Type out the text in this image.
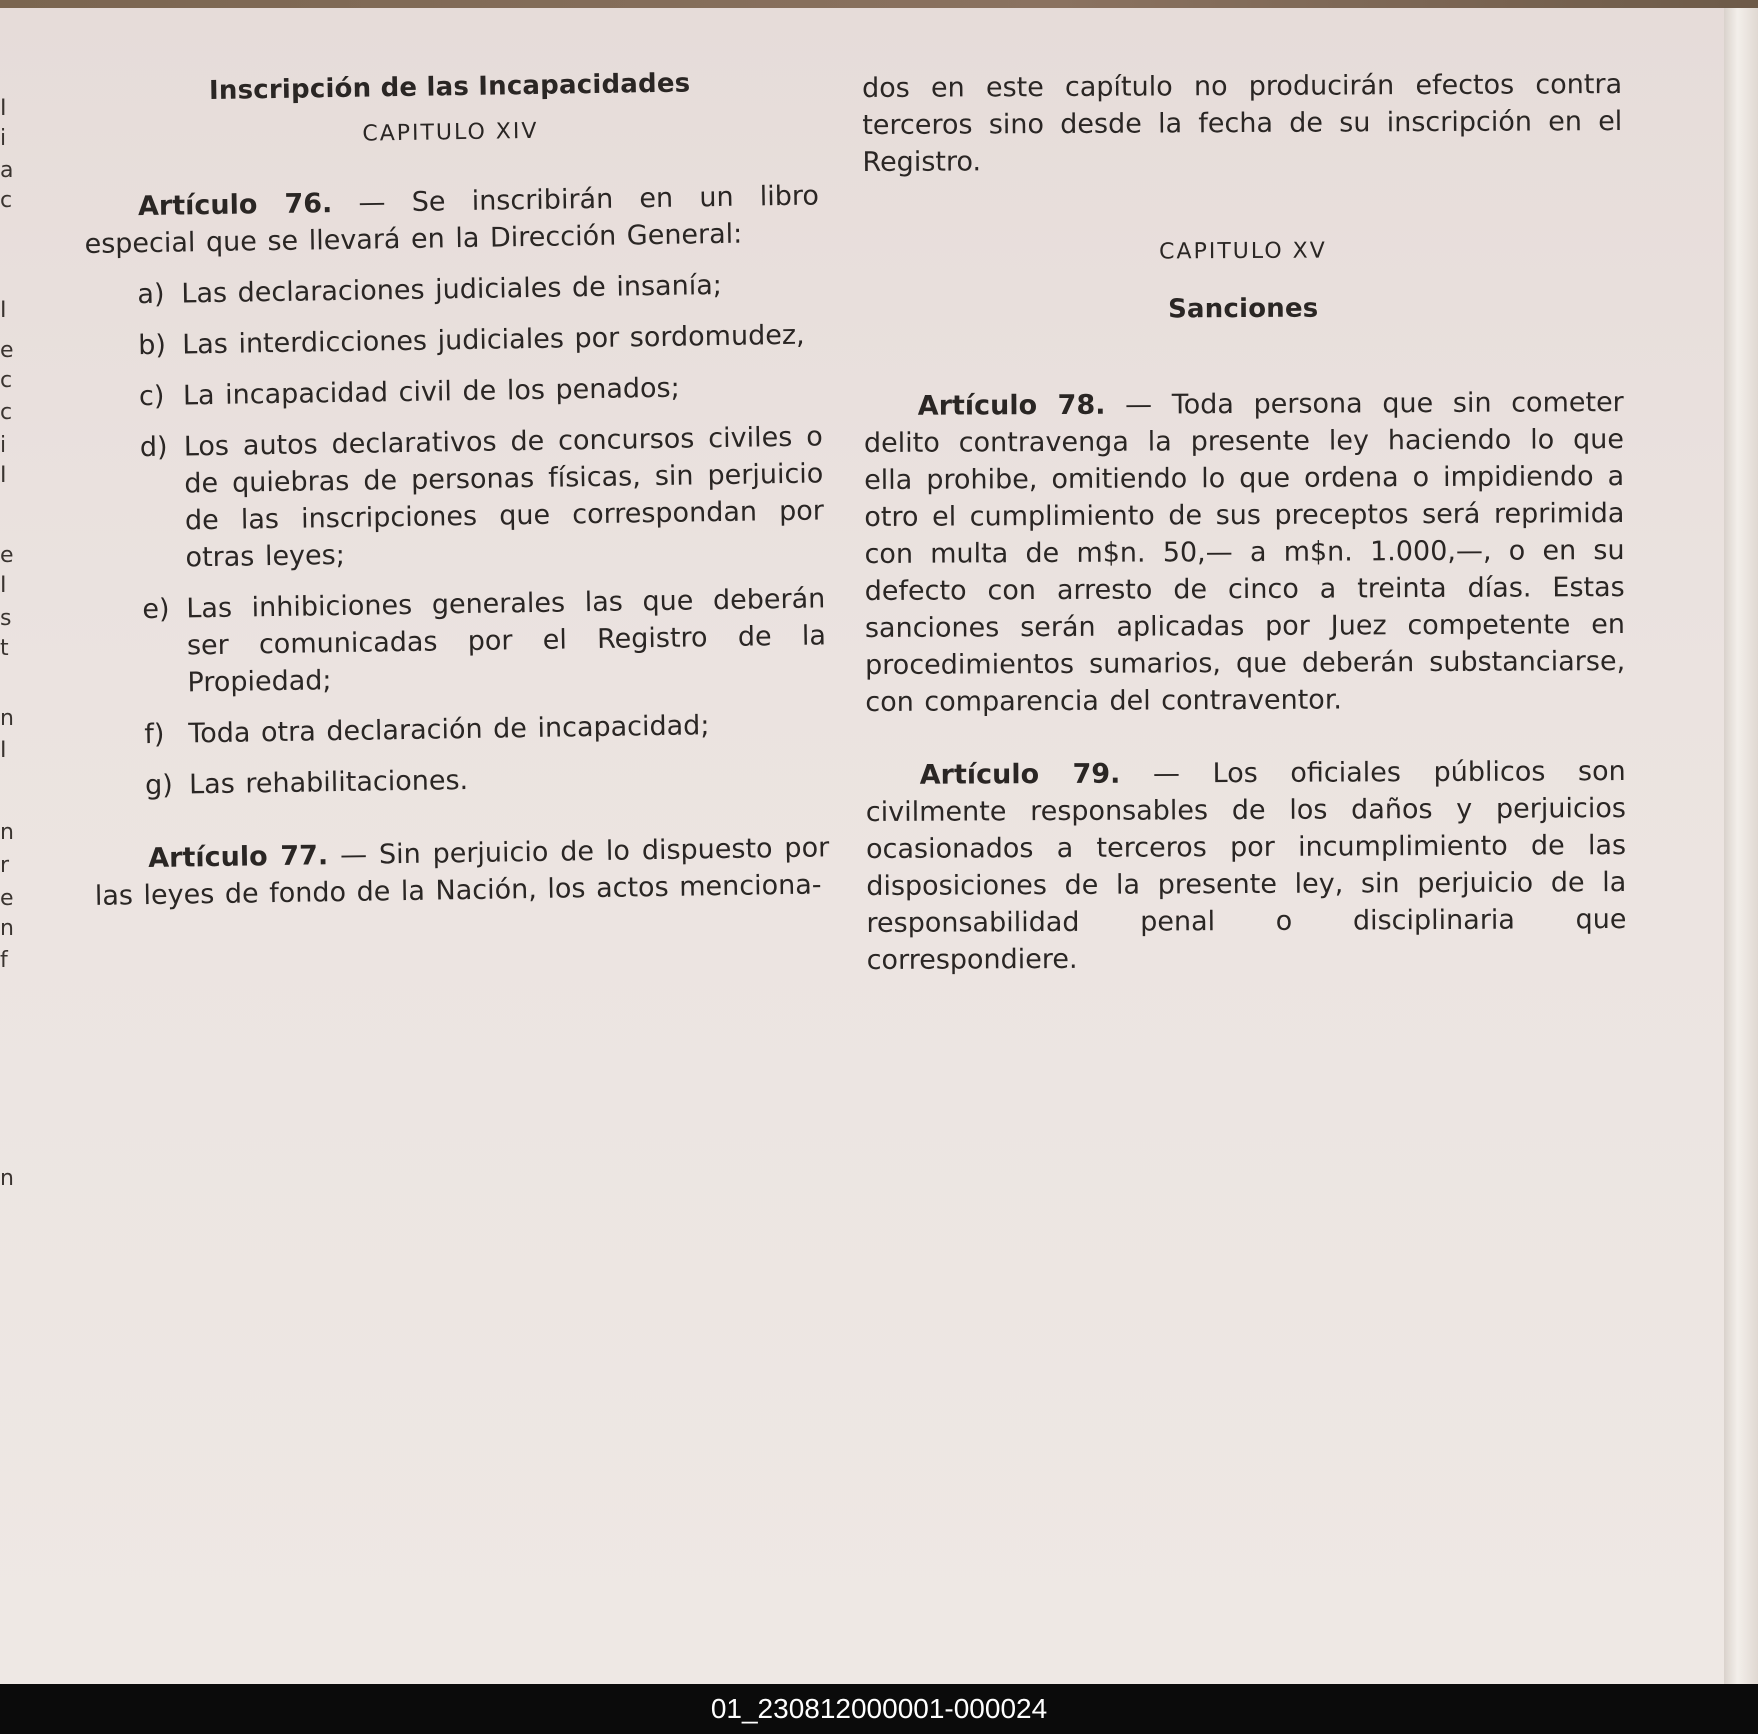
I
i
a
c
I
e
c
c
i
I
e
I
s
t
n
I
n
r
e
n
f
n

Inscripción de las Incapacidades

CAPITULO XIV

Artículo 76. — Se inscribirán en un libro especial que se llevará en la Dirección General:

a) Las declaraciones judiciales de insanía;

b) Las interdicciones judiciales por sordomudez,

c) La incapacidad civil de los penados;

d) Los autos declarativos de concursos civiles o de quiebras de personas físicas, sin perjuicio de las inscripciones que correspondan por otras leyes;

e) Las inhibiciones generales las que deberán ser comunicadas por el Registro de la Propiedad;

f) Toda otra declaración de incapacidad;

g) Las rehabilitaciones.

Artículo 77. — Sin perjuicio de lo dispuesto por las leyes de fondo de la Nación, los actos menciona-

dos en este capítulo no producirán efectos contra terceros sino desde la fecha de su inscripción en el Registro.

CAPITULO XV

Sanciones

Artículo 78. — Toda persona que sin cometer delito contravenga la presente ley haciendo lo que ella prohibe, omitiendo lo que ordena o impidiendo a otro el cumplimiento de sus preceptos será reprimida con multa de m$n. 50,— a m$n. 1.000,—, o en su defecto con arresto de cinco a treinta días. Estas sanciones serán aplicadas por Juez competente en procedimientos sumarios, que deberán substanciarse, con comparencia del contraventor.

Artículo 79. — Los oficiales públicos son civilmente responsables de los daños y perjuicios ocasionados a terceros por incumplimiento de las disposiciones de la presente ley, sin perjuicio de la responsabilidad penal o disciplinaria que correspondiere.

01_230812000001-000024
